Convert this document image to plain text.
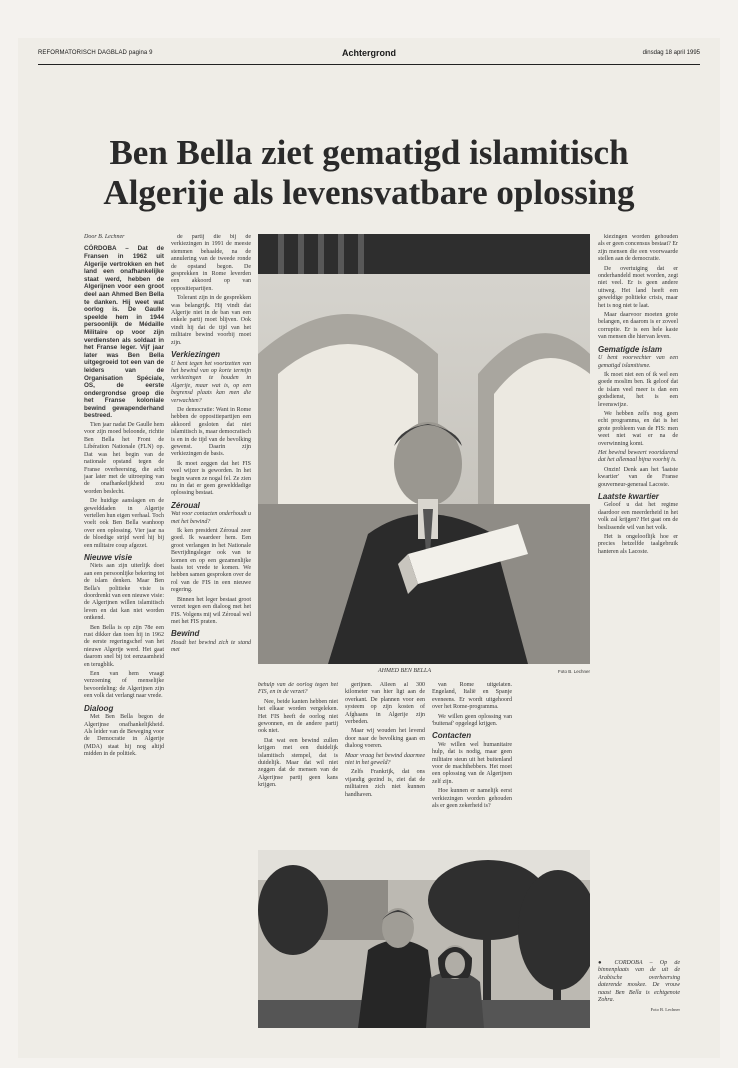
REFORMATORISCH DAGBLAD pagina 9	Achtergrond	dinsdag 18 april 1995
Ben Bella ziet gematigd islamitisch
Algerije als levensvatbare oplossing

Door B. Lechner

CÓRDOBA – Dat de Fransen in 1962 uit Algerije vertrokken en het land een onafhankelijke staat werd, hebben de Algerijnen voor een groot deel aan Ahmed Ben Bella te danken. Hij weet wat oorlog is. De Gaulle speelde hem in 1944 persoonlijk de Médaille Militaire op voor zijn verdiensten als soldaat in het Franse leger. Vijf jaar later was Ben Bella uitgegroeid tot een van de leiders van de Organisation Spéciale, OS, de eerste ondergrondse groep die het Franse koloniale bewind gewapenderhand bestreed.

Tien jaar nadat De Gaulle hem voor zijn moed beloonde, richtte Ben Bella het Front de Libération Nationale (FLN) op. Dat was het begin van de nationale opstand tegen de Franse overheersing, die acht jaar later met de uitroeping van de onafhankelijkheid zou worden beslecht.

De huidige aanslagen en de gewelddaden in Algerije vertellen hun eigen verhaal. Toch voelt ook Ben Bella wanhoop over een oplossing. Vier jaar na de bloedige strijd werd hij bij een militaire coup afgezet.

Nieuwe visie

Niets aan zijn uiterlijk doet aan een persoonlijke bekering tot de islam denken. Maar Ben Bella's politieke visie is doordrenkt van een nieuwe visie: de Algerijnen willen islamitisch leven en dat kan niet worden ontkend.

Ben Bella is op zijn 78e een rust dikker dan toen hij in 1962 de eerste regeringschef van het nieuwe Algerije werd. Het gaat daarom snel bij tot eenzaamheid en terugblik.

Een van hem vraagt verzoening of menselijke bevoordeling: de Algerijnen zijn een volk dat verlangt naar vrede.

Dialoog

Met Ben Bella begon de Algerijnse onafhankelijkheid. Als leider van de Beweging voor de Democratie in Algerije (MDA) staat hij nog altijd midden in de politiek.

de partij die bij de verkiezingen in 1991 de meeste stemmen behaalde, na de annulering van de tweede ronde de opstand begon. De gesprekken in Rome leverden een akkoord op van oppositiepartijen.

Tolerant zijn in de gesprekken was belangrijk. Hij vindt dat Algerije niet in de ban van een enkele partij moet blijven. Ook vindt hij dat de tijd van het militaire bewind voorbij moet zijn.

Verkiezingen

U bent tegen het voortzetten van het bewind van op korte termijn verkiezingen te houden in Algerije, maar wat is, op een begrensd plaats kan men die verwachten?

De democratie: Want in Rome hebben de oppositiepartijen een akkoord gesloten dat niet islamitisch is, maar democratisch is en in de tijd van de bevolking gewenst. Daarin zijn verkiezingen de basis.

Ik moet zeggen dat het FIS veel wijzer is geworden. In het begin waren ze nogal fel. Ze zien nu in dat er geen gewelddadige oplossing bestaat.

Zéroual

Wat voor contacten onderhoudt u met het bewind?

Ik ken president Zéroual zeer goed. Ik waardeer hem. Een groot verlangen in het Nationale Bevrijdingsleger ook van te komen en op een gezamenlijke basis tot vrede te komen. We hebben samen gesproken over de rol van de FIS in een nieuwe regering.

Binnen het leger bestaat groot verzet tegen een dialoog met het FIS. Volgens mij wil Zéroual wel met het FIS praten.

Bewind

Houdt het bewind zich te stand met

AHMED BEN BELLA	Foto B. Lechner

behulp van de oorlog tegen het FIS, en in de verzet?

Nee, beide kanten hebben niet het elkaar worden vergeleken. Het FIS heeft de oorlog niet gewonnen, en de andere partij ook niet.

Dat wat een bewind zullen krijgen met een duidelijk islamitisch stempel, dat is duidelijk. Maar dat wil niet zeggen dat de mensen van de Algerijnse partij geen kans krijgen.

gerijnen. Alleen al 300 kilometer van hier ligt aan de overkant. De plannen voor een systeem op zijn kosten of Afghaans in Algerije zijn verbeden.

Maar wij wouden het levend door naar de bevolking gaan en dialoog voeren.

Maar vraag het bewind daarmee niet in het geweld?

Zelfs Frankrijk, dat ons vijandig gezind is, ziet dat de militairen zich niet kunnen handhaven.

van Rome uitgelaten. Engeland, Italië en Spanje eveneens. Er wordt uitgehoord over het Rome-programma.

We willen geen oplossing van 'buitenaf' opgelegd krijgen.

Contacten

We willen wel humanitaire hulp, dat is nodig, maar geen militaire steun uit het buitenland voor de machthebbers. Het moet een oplossing van de Algerijnen zelf zijn.

Hoe kunnen er namelijk eerst verkiezingen worden gehouden als er geen zekerheid is?

kiezingen worden gehouden als er geen concensus bestaat? Er zijn mensen die een voorwaarde stellen aan de democratie.

De overtuiging dat er onderhandeld moet worden, zegt niet veel. Er is geen andere uitweg. Het land heeft een geweldige politieke crisis, maar het is nog niet te laat.

Maar daarvoor moeten grote belangen, en daarom is er zoveel corruptie. Er is een hele kaste van mensen die hiervan leven.

Gematigde islam

U bent voorvechter van een gematigd islamitisme.

Ik moet niet een of ik wel een goede moslim ben. Ik geloof dat de islam veel meer is dan een godsdienst, het is een levenswijze.

We hebben zelfs nog geen echt programma, en dat is het grote probleem van de FIS: men weet niet wat er na de overwinning komt.

Het bewind beweert voortdurend dat het allemaal bijna voorbij is.

Onzin! Denk aan het 'laatste kwartier' van de Franse gouverneur-generaal Lacoste.

Laatste kwartier

Geloof u dat het regime daardoor een meerderheid in het volk zal krijgen? Het gaat om de beslissende wil van het volk.

Het is ongelooflijk hoe er precies hetzelfde taalgebruik hanteren als Lacoste.

● CÓRDOBA – Op de binnenplaats van de uit de Arabische overheersing daterende moskee. De vrouw naast Ben Bella is echtgenote Zohra.

Foto B. Lechner
